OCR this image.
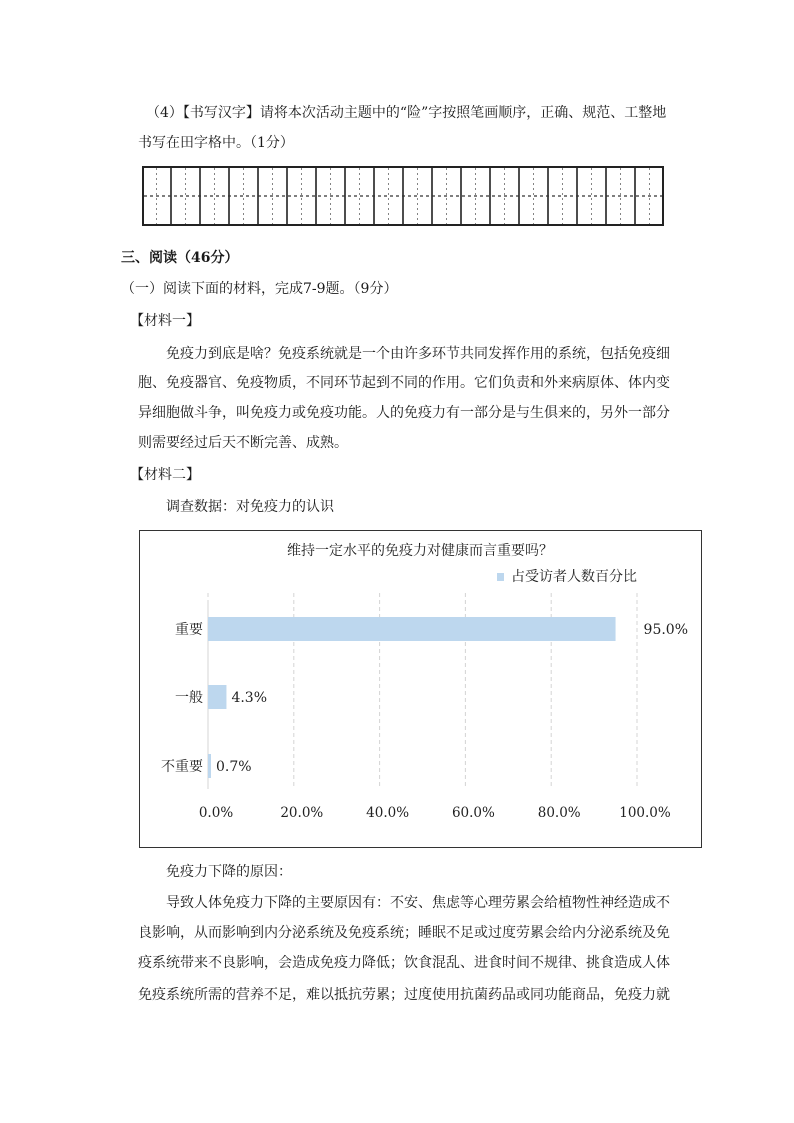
（4）【书写汉字】请将本次活动主题中的“险”字按照笔画顺序，正确、规范、工整地
书写在田字格中。（1分）
三、阅读（46分）
（一）阅读下面的材料，完成7-9题。（9分）
【材料一】
免疫力到底是啥？免疫系统就是一个由许多环节共同发挥作用的系统，包括免疫细
胞、免疫器官、免疫物质，不同环节起到不同的作用。它们负责和外来病原体、体内变
异细胞做斗争，叫免疫力或免疫功能。人的免疫力有一部分是与生俱来的，另外一部分
则需要经过后天不断完善、成熟。
【材料二】
调查数据：对免疫力的认识
维持一定水平的免疫力对健康而言重要吗？
占受访者人数百分比
0.0%	20.0%	40.0%	60.0%	80.0%	100.0%
重要	95.0%
一般 4.3%
不重要 0.7%
免疫力下降的原因：
导致人体免疫力下降的主要原因有：不安、焦虑等心理劳累会给植物性神经造成不
良影响，从而影响到内分泌系统及免疫系统；睡眠不足或过度劳累会给内分泌系统及免
疫系统带来不良影响，会造成免疫力降低；饮食混乱、进食时间不规律、挑食造成人体
免疫系统所需的营养不足，难以抵抗劳累；过度使用抗菌药品或同功能商品，免疫力就
